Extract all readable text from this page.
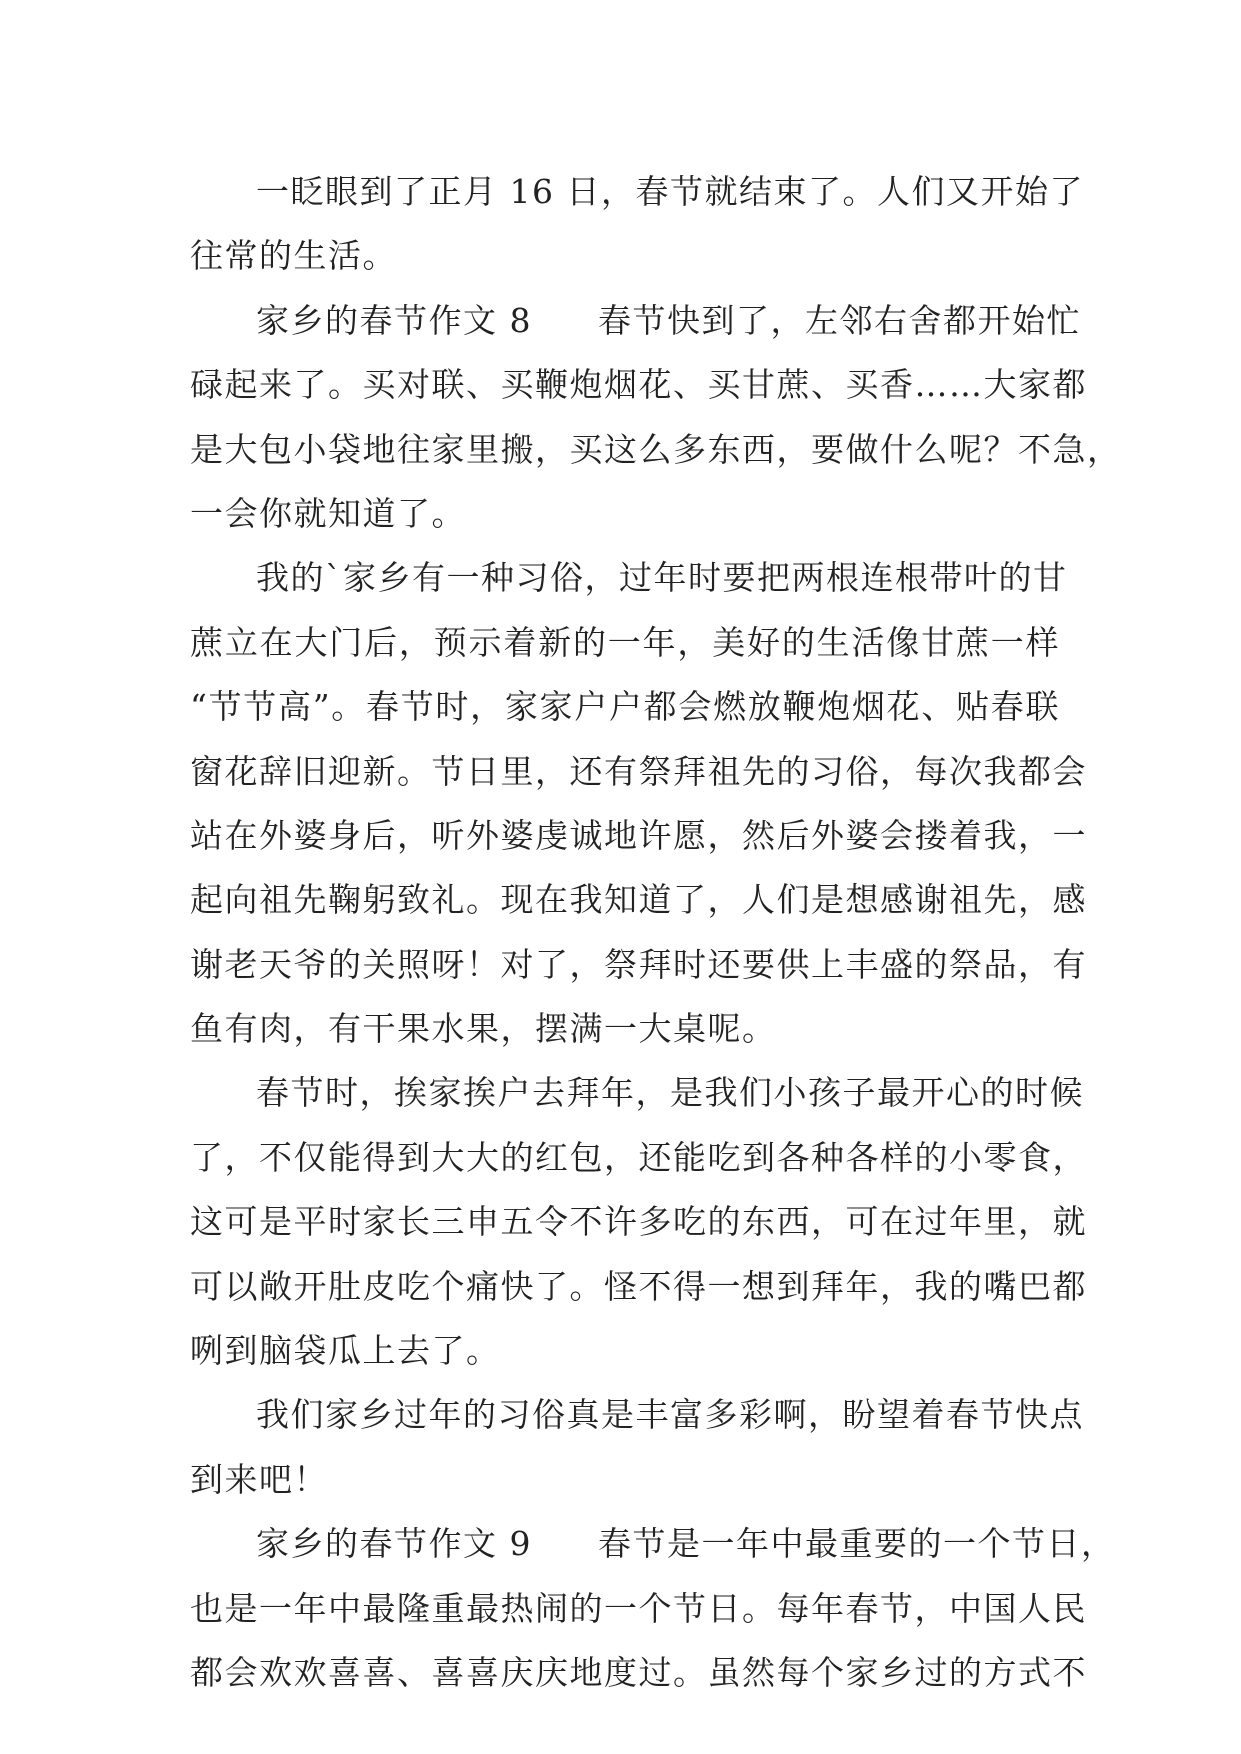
一眨眼到了正月 16 日，春节就结束了。人们又开始了
往常的生活。
家乡的春节作文 8 春节快到了，左邻右舍都开始忙
碌起来了。买对联、买鞭炮烟花、买甘蔗、买香……大家都
是大包小袋地往家里搬，买这么多东西，要做什么呢？不急，
一会你就知道了。
我的`家乡有一种习俗，过年时要把两根连根带叶的甘
蔗立在大门后，预示着新的一年，美好的生活像甘蔗一样
“节节高”。春节时，家家户户都会燃放鞭炮烟花、贴春联
窗花辞旧迎新。节日里，还有祭拜祖先的习俗，每次我都会
站在外婆身后，听外婆虔诚地许愿，然后外婆会搂着我，一
起向祖先鞠躬致礼。现在我知道了，人们是想感谢祖先，感
谢老天爷的关照呀！对了，祭拜时还要供上丰盛的祭品，有
鱼有肉，有干果水果，摆满一大桌呢。
春节时，挨家挨户去拜年，是我们小孩子最开心的时候
了，不仅能得到大大的红包，还能吃到各种各样的小零食，
这可是平时家长三申五令不许多吃的东西，可在过年里，就
可以敞开肚皮吃个痛快了。怪不得一想到拜年，我的嘴巴都
咧到脑袋瓜上去了。
我们家乡过年的习俗真是丰富多彩啊，盼望着春节快点
到来吧！
家乡的春节作文 9 春节是一年中最重要的一个节日，
也是一年中最隆重最热闹的一个节日。每年春节，中国人民
都会欢欢喜喜、喜喜庆庆地度过。虽然每个家乡过的方式不
